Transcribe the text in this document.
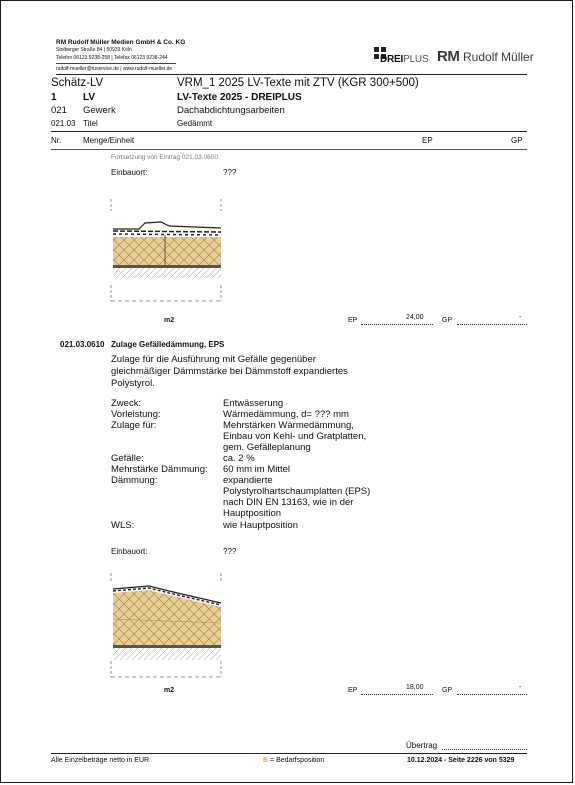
RM Rudolf Müller Medien GmbH & Co. KG
Stolberger Straße 84 | 50933 Köln
Telefon 06123 9238-258 | Telefax 06123 9238-244
rudolf-mueller@ruservice.de | www.rudolf-mueller.de
DREIPLUS RM Rudolf Müller
Schätz-LV	VRM_1 2025 LV-Texte mit ZTV (KGR 300+500)
1	LV	LV-Texte 2025 - DREIPLUS
021 Gewerk	Dachabdichtungsarbeiten
021.03 Titel	Gedämmt
Nr.	Menge/Einheit	EP	GP
Fortsetzung von Eintrag 021.03.0600
Einbauort:	???
m2	EP	24,00	GP	-
021.03.0610 Zulage Gefälledämmung, EPS
Zulage für die Ausführung mit Gefälle gegenüber
gleichmäßiger Dämmstärke bei Dämmstoff expandiertes
Polystyrol.
Zweck:	Entwässerung
Vorleistung:	Wärmedämmung, d= ??? mm
Zulage für:	Mehrstärken Wärmedämmung,
Einbau von Kehl- und Gratplatten,
gem. Gefälleplanung
Gefälle:	ca. 2 %
Mehrstärke Dämmung: 60 mm im Mittel
Dämmung:	expandierte
Polystyrolhartschaumplatten (EPS)
nach DIN EN 13163, wie in der
Hauptposition
WLS:	wie Hauptposition
Einbauort:	???
m2	EP	18,00	GP	-
Übertrag
Alle Einzelbeträge netto in EUR	B = Bedarfsposition	10.12.2024 - Seite 2226 von 5329
